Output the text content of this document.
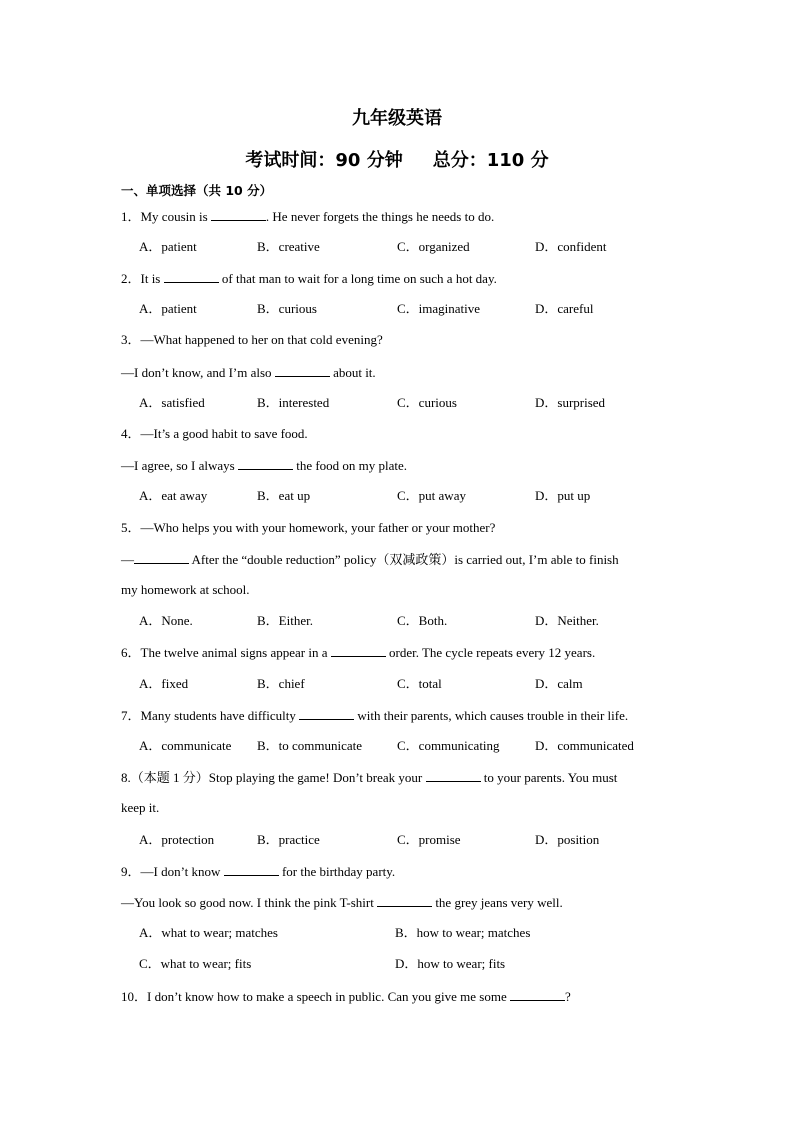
九年级英语
考试时间：90 分钟 总分：110 分
一、单项选择（共 10 分）
1．My cousin is	. He never forgets the things he needs to do.
A．patient	B．creative	C．organized	D．confident
2．It is	of that man to wait for a long time on such a hot day.
A．patient	B．curious	C．imaginative	D．careful
3．—What happened to her on that cold evening?
—I don’t know, and I’m also	about it.
A．satisfied	B．interested	C．curious	D．surprised
4．—It’s a good habit to save food.
—I agree, so I always	the food on my plate.
A．eat away	B．eat up	C．put away	D．put up
5．—Who helps you with your homework, your father or your mother?
—	After the “double reduction” policy（双减政策）is carried out, I’m able to finish
my homework at school.
A．None.	B．Either.	C．Both.	D．Neither.
6．The twelve animal signs appear in a	order. The cycle repeats every 12 years.
A．fixed	B．chief	C．total	D．calm
7．Many students have difficulty	with their parents, which causes trouble in their life.
A．communicate B．to communicate	C．communicating	D．communicated
8.（本题 1 分）Stop playing the game! Don’t break your	to your parents. You must
keep it.
A．protection	B．practice	C．promise	D．position
9．—I don’t know	for the birthday party.
—You look so good now. I think the pink T-shirt	the grey jeans very well.
A．what to wear; matches	B．how to wear; matches
C．what to wear; fits	D．how to wear; fits
10．I don’t know how to make a speech in public. Can you give me some	?
